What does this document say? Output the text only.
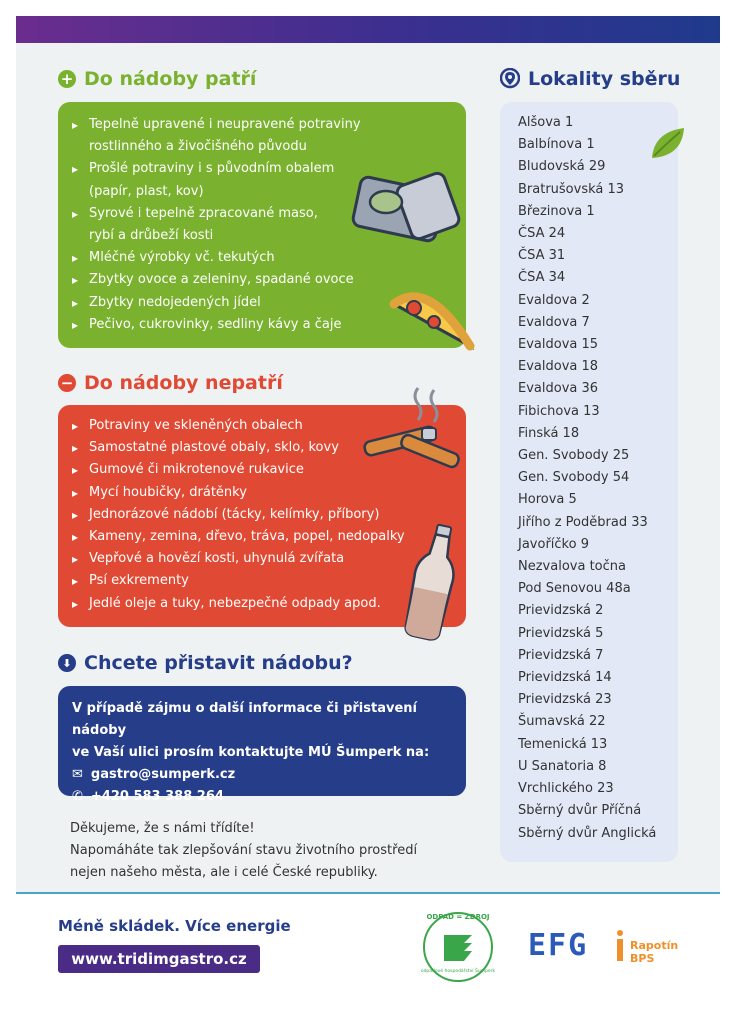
+ Do nádoby patří
▸ Tepelně upravené i neupravené potraviny
rostlinného a živočišného původu
▸ Prošlé potraviny i s původním obalem
(papír, plast, kov)
▸ Syrové i tepelně zpracované maso,
rybí a drůbeží kosti
▸ Mléčné výrobky vč. tekutých
▸ Zbytky ovoce a zeleniny, spadané ovoce
▸ Zbytky nedojedených jídel
▸ Pečivo, cukrovinky, sedliny kávy a čaje
− Do nádoby nepatří
▸ Potraviny ve skleněných obalech
▸ Samostatné plastové obaly, sklo, kovy
▸ Gumové či mikrotenové rukavice
▸ Mycí houbičky, drátěnky
▸ Jednorázové nádobí (tácky, kelímky, příbory)
▸ Kameny, zemina, dřevo, tráva, popel, nedopalky
▸ Vepřové a hovězí kosti, uhynulá zvířata
▸ Psí exkrementy
▸ Jedlé oleje a tuky, nebezpečné odpady apod.
⬇ Chcete přistavit nádobu?

V případě zájmu o další informace či přistavení nádoby

ve Vaší ulici prosím kontaktujte MÚ Šumperk na:

✉ gastro@sumperk.cz
✆ +420 583 388 264
Děkujeme, že s námi třídíte!
Napomáháte tak zlepšování stavu životního prostředí
nejen našeho města, ale i celé České republiky.
Lokality sběru
Alšova 1
Balbínova 1
Bludovská 29
Bratrušovská 13
Březinova 1
ČSA 24
ČSA 31
ČSA 34
Evaldova 2
Evaldova 7
Evaldova 15
Evaldova 18
Evaldova 36
Fibichova 13
Finská 18
Gen. Svobody 25
Gen. Svobody 54
Horova 5
Jiřího z Poděbrad 33
Javoříčko 9
Nezvalova točna
Pod Senovou 48a
Prievidzská 2
Prievidzská 5
Prievidzská 7
Prievidzská 14
Prievidzská 23
Šumavská 22
Temenická 13
U Sanatoria 8
Vrchlického 23
Sběrný dvůr Příčná
Sběrný dvůr Anglická
Méně skládek. Více energie
www.tridimgastro.cz
ODPAD = ZDROJ
odpadové hospodářství Šumperk
EFG	Rapotín
BPS
